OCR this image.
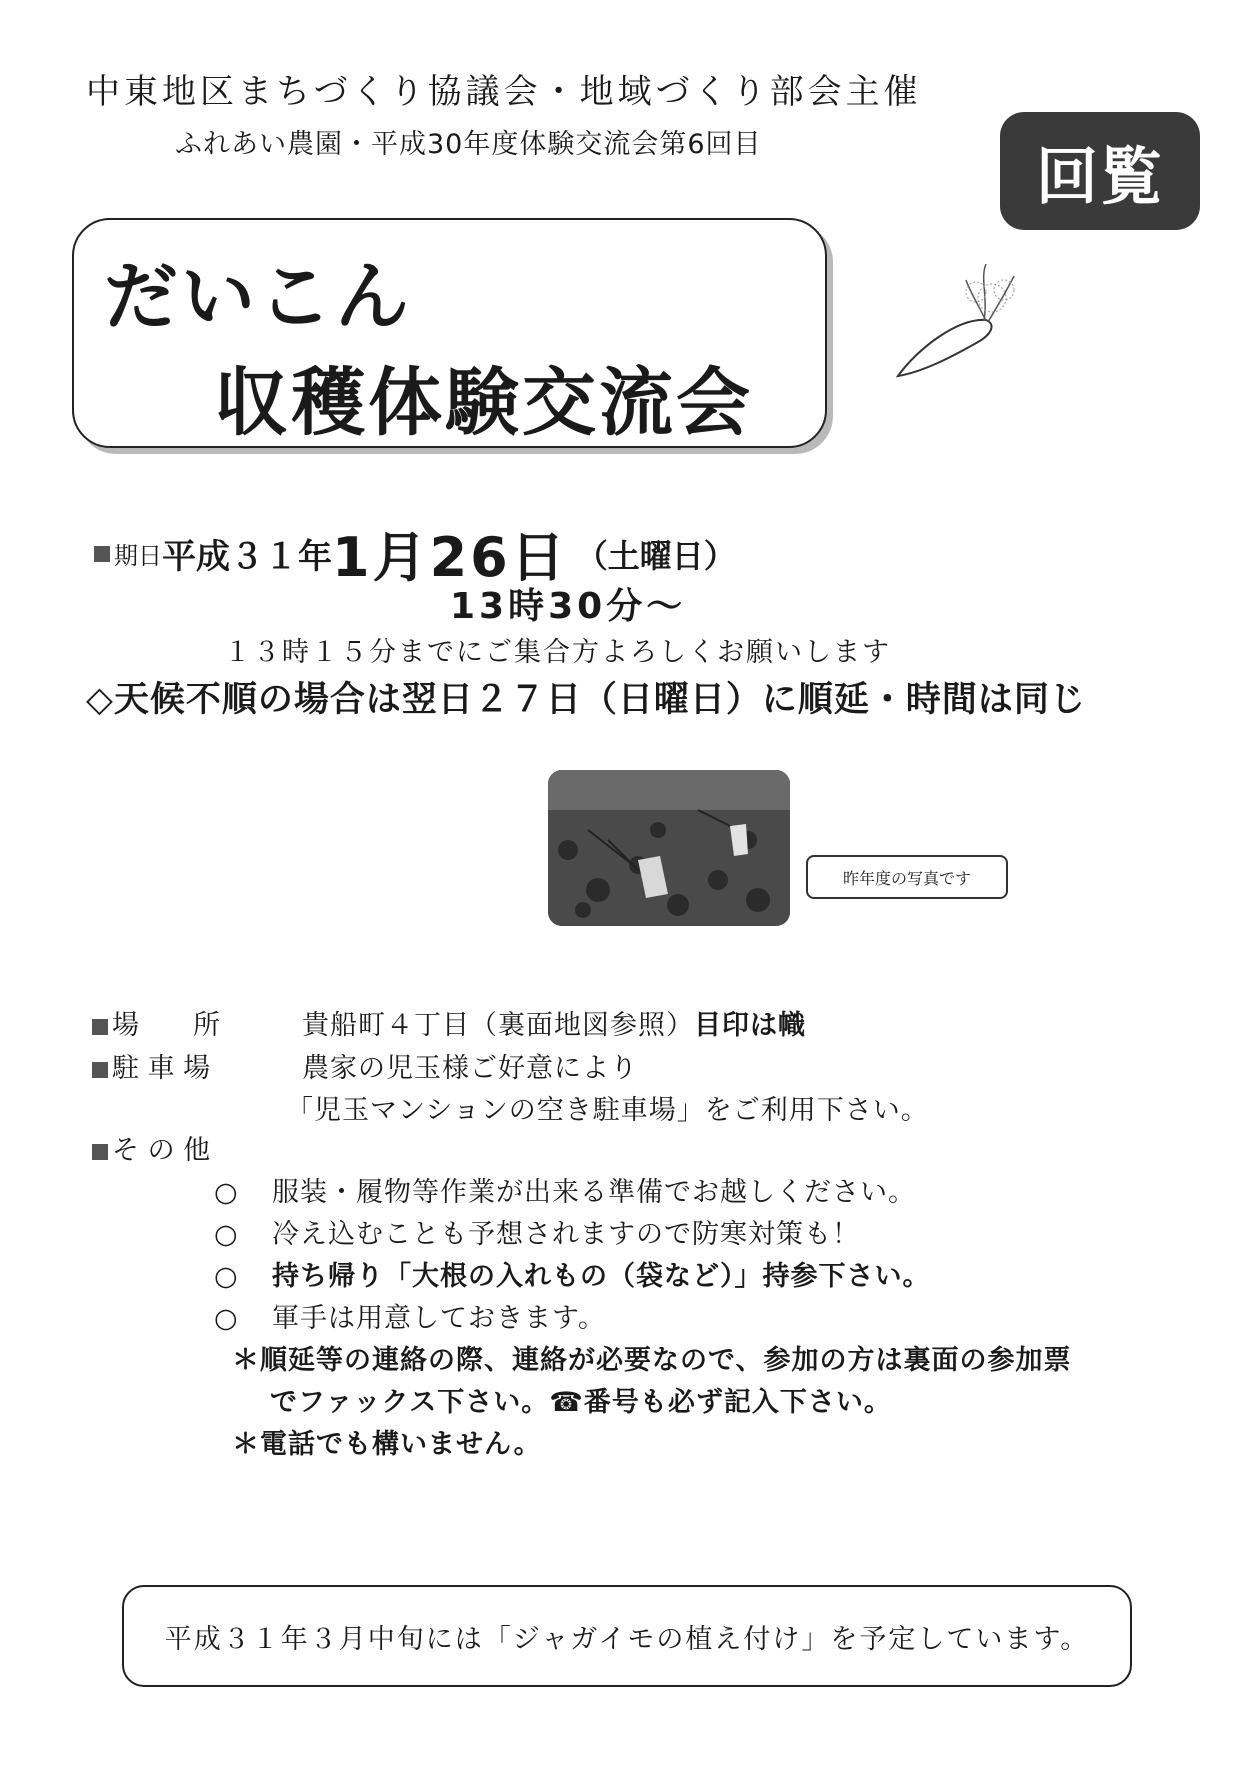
中東地区まちづくり協議会・地域づくり部会主催
ふれあい農園・平成30年度体験交流会第6回目	回覧
だいこん
収穫体験交流会
期日平成３１年1月26日 （土曜日）
13時30分～
１３時１５分までにご集合方よろしくお願いします
◇天候不順の場合は翌日２７日（日曜日）に順延・時間は同じ
昨年度の写真です
場　　所	貴船町４丁目（裏面地図参照）目印は幟
駐 車 場	農家の児玉様ご好意により
「児玉マンションの空き駐車場」をご利用下さい。
そ の 他
○ 服装・履物等作業が出来る準備でお越しください。
○ 冷え込むことも予想されますので防寒対策も！
○ 持ち帰り「大根の入れもの（袋など）」持参下さい。
○ 軍手は用意しておきます。
＊順延等の連絡の際、連絡が必要なので、参加の方は裏面の参加票
でファックス下さい。☎番号も必ず記入下さい。
＊電話でも構いません。
平成３１年３月中旬には「ジャガイモの植え付け」を予定しています。
